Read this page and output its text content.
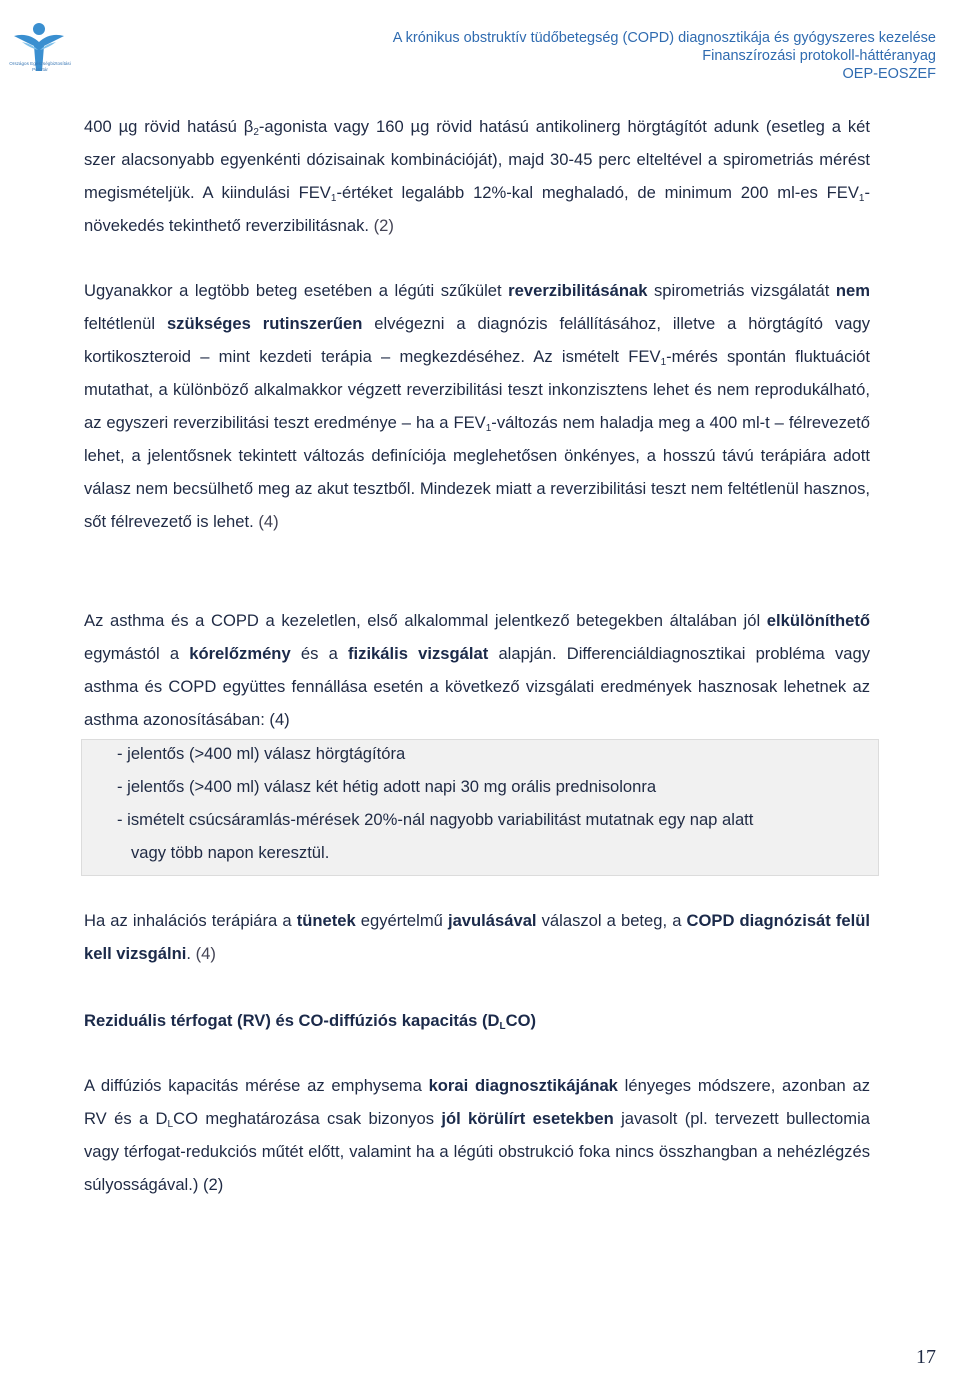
Országos Egészségbiztosítási Pénztár
A krónikus obstruktív tüdőbetegség (COPD) diagnosztikája és gyógyszeres kezelése
Finanszírozási protokoll-háttéranyag
OEP-EOSZEF
400 µg rövid hatású $\beta_2$-agonista vagy 160 µg rövid hatású antikolinerg hörgtágítót adunk (esetleg a két szer alacsonyabb egyenkénti dózisainak kombinációját), majd 30-45 perc elteltével a spirometriás mérést megismételjük. A kiindulási $FEV_1$-értéket legalább 12%-kal meghaladó, de minimum 200 ml-es $FEV_1$-növekedés tekinthető reverzibilitásnak. (2)
Ugyanakkor a legtöbb beteg esetében a légúti szűkület reverzibilitásának spirometriás vizsgálatát nem feltétlenül szükséges rutinszerűen elvégezni a diagnózis felállításához, illetve a hörgtágító vagy kortikoszteroid – mint kezdeti terápia – megkezdéséhez. Az ismételt $FEV_1$-mérés spontán fluktuációt mutathat, a különböző alkalmakkor végzett reverzibilitási teszt inkonzisztens lehet és nem reprodukálható, az egyszeri reverzibilitási teszt eredménye – ha a $FEV_1$-változás nem haladja meg a 400 ml-t – félrevezető lehet, a jelentősnek tekintett változás definíciója meglehetősen önkényes, a hosszú távú terápiára adott válasz nem becsülhető meg az akut tesztből. Mindezek miatt a reverzibilitási teszt nem feltétlenül hasznos, sőt félrevezető is lehet. (4)
Az asthma és a COPD a kezeletlen, első alkalommal jelentkező betegekben általában jól elkülöníthető egymástól a kórelőzmény és a fizikális vizsgálat alapján. Differenciáldiagnosztikai probléma vagy asthma és COPD együttes fennállása esetén a következő vizsgálati eredmények hasznosak lehetnek az asthma azonosításában: (4)
- jelentős (>400 ml) válasz hörgtágítóra
- jelentős (>400 ml) válasz két hétig adott napi 30 mg orális prednisolonra
- ismételt csúcsáramlás-mérések 20%-nál nagyobb variabilitást mutatnak egy nap alatt
vagy több napon keresztül.
Ha az inhalációs terápiára a tünetek egyértelmű javulásával válaszol a beteg, a COPD diagnózisát felül kell vizsgálni. (4)
Reziduális térfogat (RV) és CO-diffúziós kapacitás $(D_LCO)$
A diffúziós kapacitás mérése az emphysema korai diagnosztikájának lényeges módszere, azonban az RV és a $D_LCO$ meghatározása csak bizonyos jól körülírt esetekben javasolt (pl. tervezett bullectomia vagy térfogat-redukciós műtét előtt, valamint ha a légúti obstrukció foka nincs összhangban a nehézlégzés súlyosságával.) (2)
17
